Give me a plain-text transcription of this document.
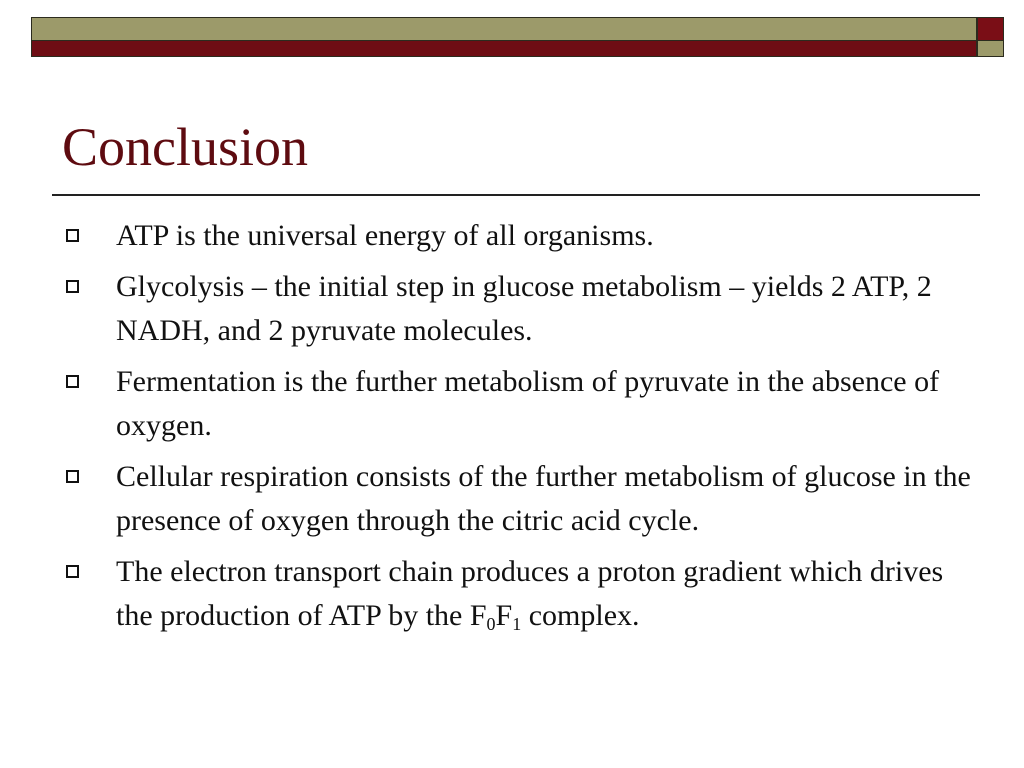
Conclusion
ATP is the universal energy of all organisms.
Glycolysis – the initial step in glucose metabolism – yields 2 ATP, 2 NADH, and 2 pyruvate molecules.
Fermentation is the further metabolism of pyruvate in the absence of oxygen.
Cellular respiration consists of the further metabolism of glucose in the presence of oxygen through the citric acid cycle.
The electron transport chain produces a proton gradient which drives the production of ATP by the $F_0F_1$ complex.
